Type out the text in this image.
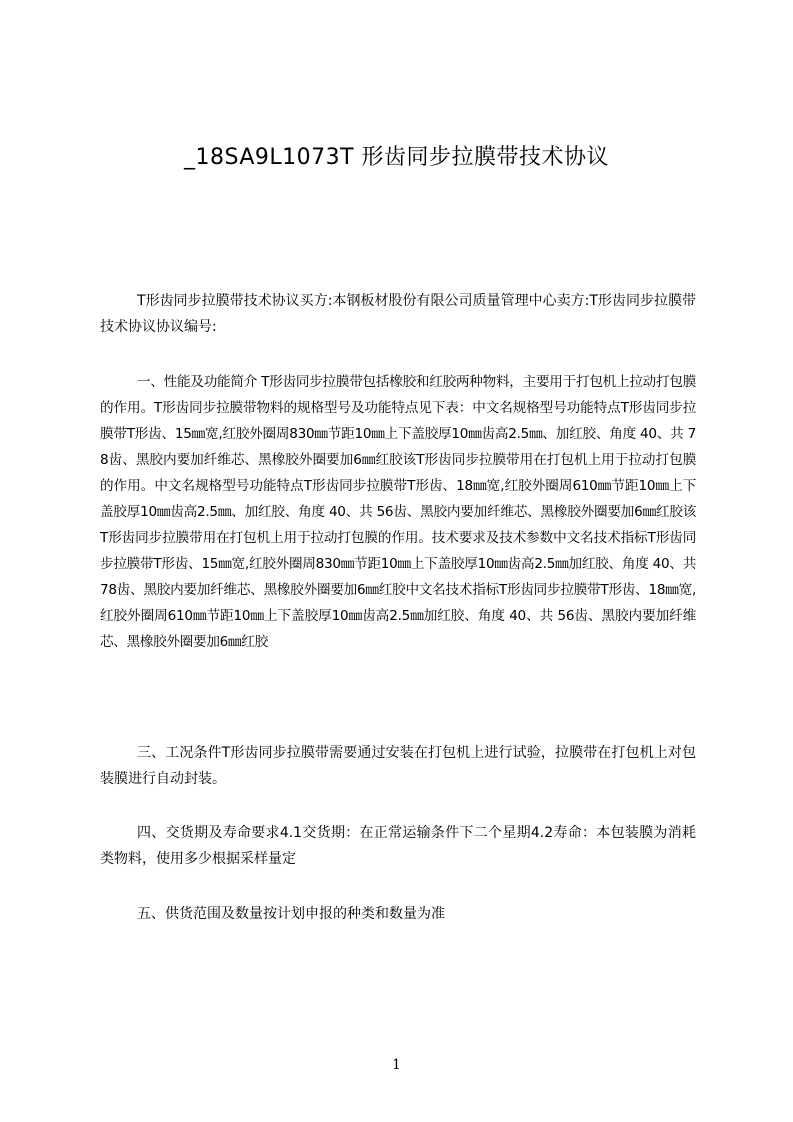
_18SA9L1073T 形齿同步拉膜带技术协议

T形齿同步拉膜带技术协议买方:本钢板材股份有限公司质量管理中心卖方:T形齿同步拉膜带技术协议协议编号:

一、性能及功能简介 T形齿同步拉膜带包括橡胶和红胶两种物料，主要用于打包机上拉动打包膜的作用。T形齿同步拉膜带物料的规格型号及功能特点见下表：中文名规格型号功能特点T形齿同步拉膜带T形齿、15㎜宽,红胶外圈周830㎜节距10㎜上下盖胶厚10㎜齿高2.5㎜、加红胶、角度 40、共 78齿、黑胶内要加纤维芯、黑橡胶外圈要加6㎜红胶该T形齿同步拉膜带用在打包机上用于拉动打包膜的作用。中文名规格型号功能特点T形齿同步拉膜带T形齿、18㎜宽,红胶外圈周610㎜节距10㎜上下盖胶厚10㎜齿高2.5㎜、加红胶、角度 40、共 56齿、黑胶内要加纤维芯、黑橡胶外圈要加6㎜红胶该T形齿同步拉膜带用在打包机上用于拉动打包膜的作用。技术要求及技术参数中文名技术指标T形齿同步拉膜带T形齿、15㎜宽,红胶外圈周830㎜节距10㎜上下盖胶厚10㎜齿高2.5㎜加红胶、角度 40、共 78齿、黑胶内要加纤维芯、黑橡胶外圈要加6㎜红胶中文名技术指标T形齿同步拉膜带T形齿、18㎜宽,红胶外圈周610㎜节距10㎜上下盖胶厚10㎜齿高2.5㎜加红胶、角度 40、共 56齿、黑胶内要加纤维芯、黑橡胶外圈要加6㎜红胶

三、工况条件T形齿同步拉膜带需要通过安装在打包机上进行试验，拉膜带在打包机上对包装膜进行自动封装。

四、交货期及寿命要求4.1交货期：在正常运输条件下二个星期4.2寿命：本包装膜为消耗类物料，使用多少根据采样量定

五、供货范围及数量按计划申报的种类和数量为准

1
